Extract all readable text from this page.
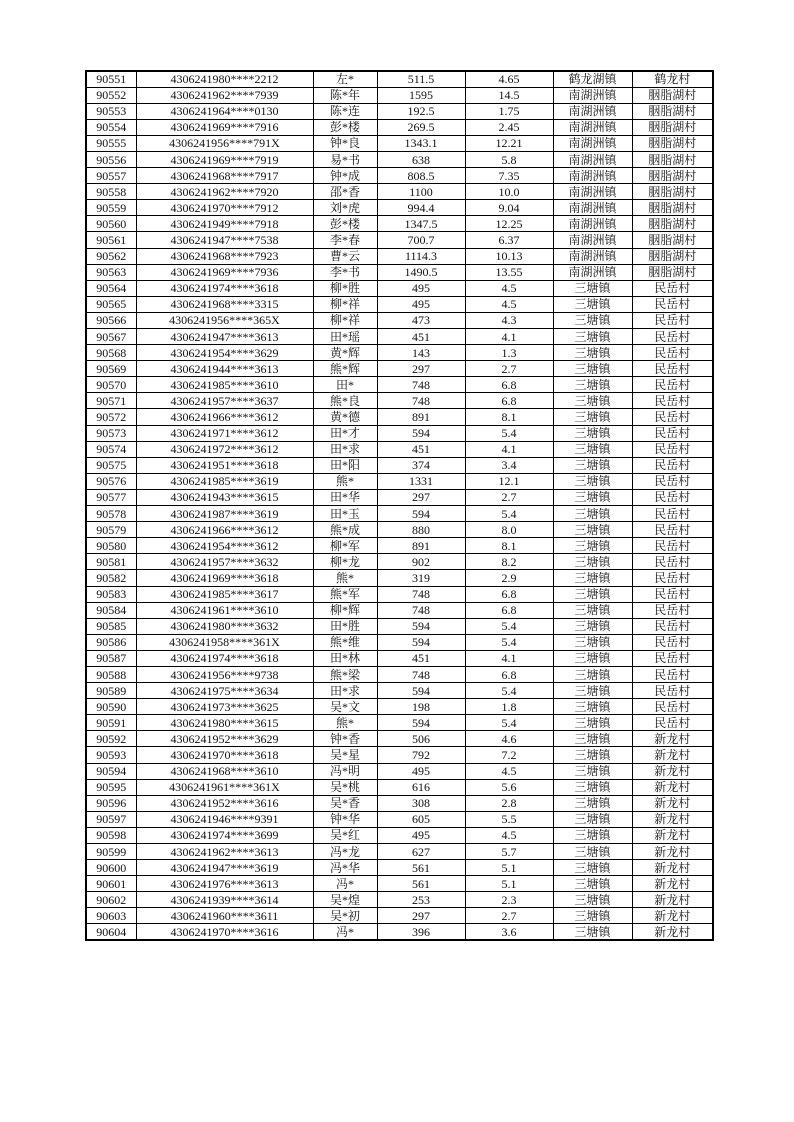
90551	4306241980****2212	左*	511.5	4.65	鹤龙湖镇	鹤龙村
90552	4306241962****7939	陈*年	1595	14.5	南湖洲镇	胭脂湖村
90553	4306241964****0130	陈*连	192.5	1.75	南湖洲镇	胭脂湖村
90554	4306241969****7916	彭*楼	269.5	2.45	南湖洲镇	胭脂湖村
90555	4306241956****791X	钟*良	1343.1	12.21	南湖洲镇	胭脂湖村
90556	4306241969****7919	易*书	638	5.8	南湖洲镇	胭脂湖村
90557	4306241968****7917	钟*成	808.5	7.35	南湖洲镇	胭脂湖村
90558	4306241962****7920	邵*香	1100	10.0	南湖洲镇	胭脂湖村
90559	4306241970****7912	刘*虎	994.4	9.04	南湖洲镇	胭脂湖村
90560	4306241949****7918	彭*楼	1347.5	12.25	南湖洲镇	胭脂湖村
90561	4306241947****7538	李*春	700.7	6.37	南湖洲镇	胭脂湖村
90562	4306241968****7923	曹*云	1114.3	10.13	南湖洲镇	胭脂湖村
90563	4306241969****7936	李*书	1490.5	13.55	南湖洲镇	胭脂湖村
90564	4306241974****3618	柳*胜	495	4.5	三塘镇	民岳村
90565	4306241968****3315	柳*祥	495	4.5	三塘镇	民岳村
90566	4306241956****365X	柳*祥	473	4.3	三塘镇	民岳村
90567	4306241947****3613	田*瑶	451	4.1	三塘镇	民岳村
90568	4306241954****3629	黄*辉	143	1.3	三塘镇	民岳村
90569	4306241944****3613	熊*辉	297	2.7	三塘镇	民岳村
90570	4306241985****3610	田*	748	6.8	三塘镇	民岳村
90571	4306241957****3637	熊*良	748	6.8	三塘镇	民岳村
90572	4306241966****3612	黄*德	891	8.1	三塘镇	民岳村
90573	4306241971****3612	田*才	594	5.4	三塘镇	民岳村
90574	4306241972****3612	田*求	451	4.1	三塘镇	民岳村
90575	4306241951****3618	田*阳	374	3.4	三塘镇	民岳村
90576	4306241985****3619	熊*	1331	12.1	三塘镇	民岳村
90577	4306241943****3615	田*华	297	2.7	三塘镇	民岳村
90578	4306241987****3619	田*玉	594	5.4	三塘镇	民岳村
90579	4306241966****3612	熊*成	880	8.0	三塘镇	民岳村
90580	4306241954****3612	柳*军	891	8.1	三塘镇	民岳村
90581	4306241957****3632	柳*龙	902	8.2	三塘镇	民岳村
90582	4306241969****3618	熊*	319	2.9	三塘镇	民岳村
90583	4306241985****3617	熊*军	748	6.8	三塘镇	民岳村
90584	4306241961****3610	柳*辉	748	6.8	三塘镇	民岳村
90585	4306241980****3632	田*胜	594	5.4	三塘镇	民岳村
90586	4306241958****361X	熊*维	594	5.4	三塘镇	民岳村
90587	4306241974****3618	田*林	451	4.1	三塘镇	民岳村
90588	4306241956****9738	熊*梁	748	6.8	三塘镇	民岳村
90589	4306241975****3634	田*求	594	5.4	三塘镇	民岳村
90590	4306241973****3625	吴*文	198	1.8	三塘镇	民岳村
90591	4306241980****3615	熊*	594	5.4	三塘镇	民岳村
90592	4306241952****3629	钟*香	506	4.6	三塘镇	新龙村
90593	4306241970****3618	吴*星	792	7.2	三塘镇	新龙村
90594	4306241968****3610	冯*明	495	4.5	三塘镇	新龙村
90595	4306241961****361X	吴*桃	616	5.6	三塘镇	新龙村
90596	4306241952****3616	吴*香	308	2.8	三塘镇	新龙村
90597	4306241946****9391	钟*华	605	5.5	三塘镇	新龙村
90598	4306241974****3699	吴*红	495	4.5	三塘镇	新龙村
90599	4306241962****3613	冯*龙	627	5.7	三塘镇	新龙村
90600	4306241947****3619	冯*华	561	5.1	三塘镇	新龙村
90601	4306241976****3613	冯*	561	5.1	三塘镇	新龙村
90602	4306241939****3614	吴*煌	253	2.3	三塘镇	新龙村
90603	4306241960****3611	吴*初	297	2.7	三塘镇	新龙村
90604	4306241970****3616	冯*	396	3.6	三塘镇	新龙村
